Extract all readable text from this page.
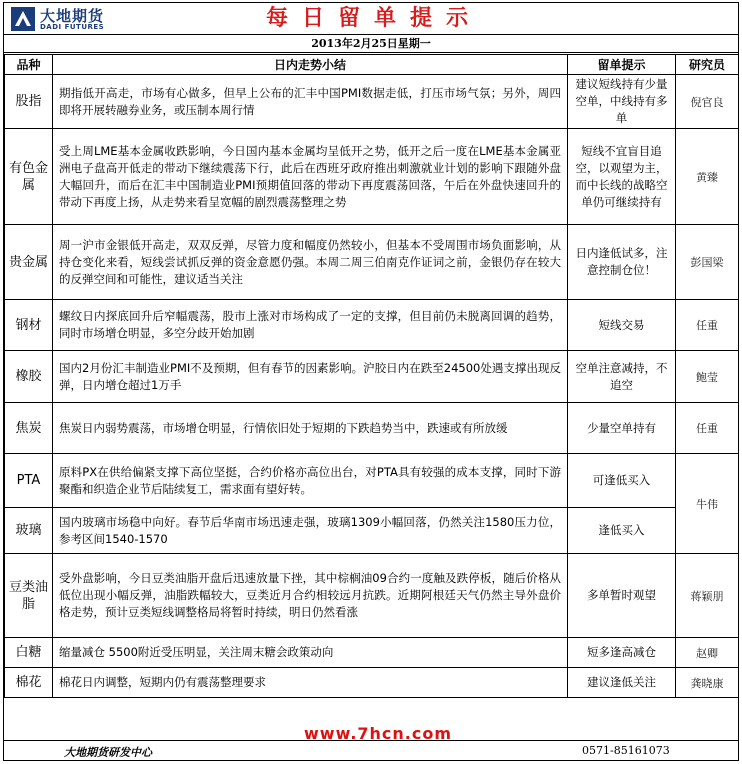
大地期货
DADI FUTURES	每日留单提示
2013年2月25日星期一
品种	日内走势小结	留单提示	研究员
股指	期指低开高走，市场有心做多，但早上公布的汇丰中国PMI数据走低，打压市场气氛；另外，周四即将开展转融券业务，或压制本周行情	建议短线持有少量空单，中线持有多单	倪官良
有色金属	受上周LME基本金属收跌影响，今日国内基本金属均呈低开之势，低开之后一度在LME基本金属亚洲电子盘高开低走的带动下继续震荡下行，此后在西班牙政府推出刺激就业计划的影响下跟随外盘大幅回升，而后在汇丰中国制造业PMI预期值回落的带动下再度震荡回落，午后在外盘快速回升的带动下再度上扬，从走势来看呈宽幅的剧烈震荡整理之势	短线不宜盲目追空，以观望为主，而中长线的战略空单仍可继续持有	黄臻
贵金属	周一沪市金银低开高走，双双反弹，尽管力度和幅度仍然较小，但基本不受周围市场负面影响，从持仓变化来看，短线尝试抓反弹的资金意愿仍强。本周二周三伯南克作证词之前，金银仍存在较大的反弹空间和可能性，建议适当关注	日内逢低试多，注意控制仓位！	彭国梁
钢材	螺纹日内探底回升后窄幅震荡，股市上涨对市场构成了一定的支撑，但目前仍未脱离回调的趋势，同时市场增仓明显，多空分歧开始加剧	短线交易	任重
橡胶	国内2月份汇丰制造业PMI不及预期，但有春节的因素影响。沪胶日内在跌至24500处遇支撑出现反弹，日内增仓超过1万手	空单注意减持，不追空	鲍莹
焦炭	焦炭日内弱势震荡，市场增仓明显，行情依旧处于短期的下跌趋势当中，跌速或有所放缓	少量空单持有	任重
PTA	原料PX在供给偏紧支撑下高位坚挺，合约价格亦高位出台，对PTA具有较强的成本支撑，同时下游聚酯和织造企业节后陆续复工，需求面有望好转。	可逢低买入	牛伟
玻璃	国内玻璃市场稳中向好。春节后华南市场迅速走强，玻璃1309小幅回落，仍然关注1580压力位，参考区间1540-1570	逢低买入	
豆类油脂	受外盘影响，今日豆类油脂开盘后迅速放量下挫，其中棕榈油09合约一度触及跌停板，随后价格从低位出现小幅反弹，油脂跌幅较大，豆类近月合约相较远月抗跌。近期阿根廷天气仍然主导外盘价格走势，预计豆类短线调整格局将暂时持续，明日仍然看涨	多单暂时观望	蒋颖朋
白糖	缩量减仓 5500附近受压明显，关注周末糖会政策动向	短多逢高减仓	赵卿
棉花	棉花日内调整，短期内仍有震荡整理要求	建议逢低关注	龚晓康
www.7hcn.com
大地期货研发中心	0571-85161073
